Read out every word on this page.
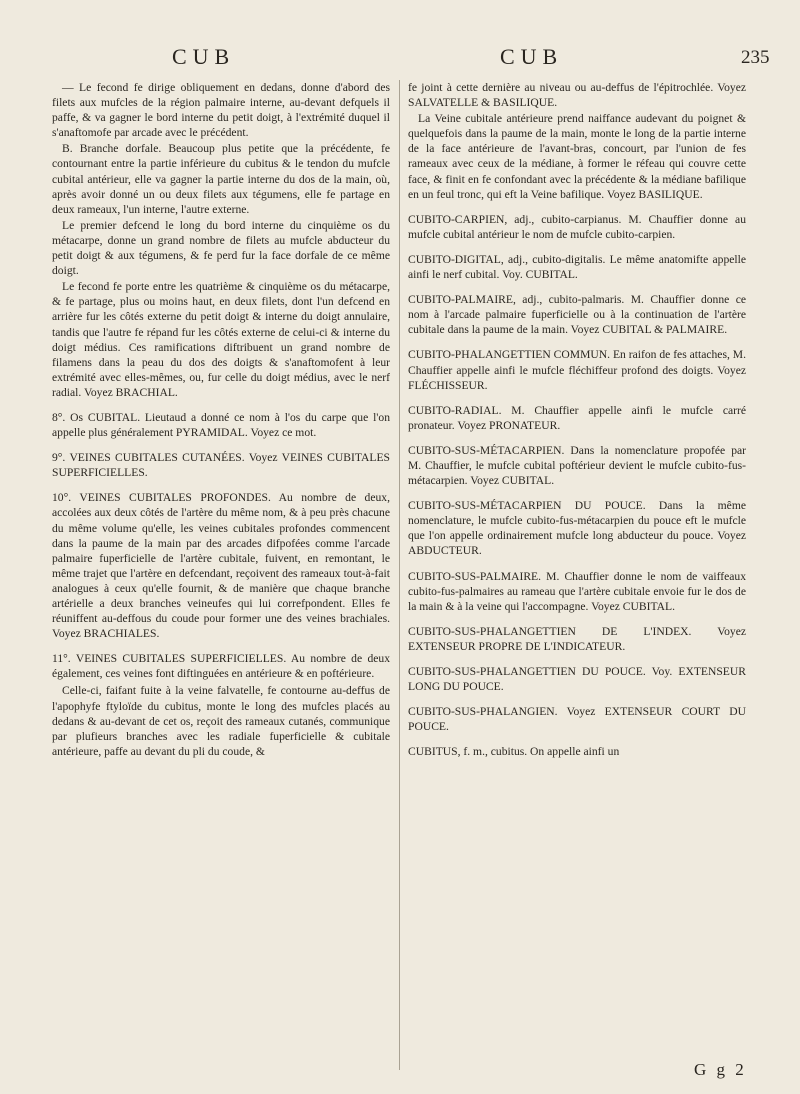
CUB	CUB	235

— Le fecond fe dirige obliquement en dedans, donne d'abord des filets aux mufcles de la région palmaire interne, au-devant defquels il paffe, & va gagner le bord interne du petit doigt, à l'extrémité duquel il s'anaftomofe par arcade avec le précédent.

B. Branche dorfale. Beaucoup plus petite que la précédente, fe contournant entre la partie inférieure du cubitus & le tendon du mufcle cubital antérieur, elle va gagner la partie interne du dos de la main, où, après avoir donné un ou deux filets aux tégumens, elle fe partage en deux rameaux, l'un interne, l'autre externe.

Le premier defcend le long du bord interne du cinquième os du métacarpe, donne un grand nombre de filets au mufcle abducteur du petit doigt & aux tégumens, & fe perd fur la face dorfale de ce même doigt.

Le fecond fe porte entre les quatrième & cinquième os du métacarpe, & fe partage, plus ou moins haut, en deux filets, dont l'un defcend en arrière fur les côtés externe du petit doigt & interne du doigt annulaire, tandis que l'autre fe répand fur les côtés externe de celui-ci & interne du doigt médius. Ces ramifications diftribuent un grand nombre de filamens dans la peau du dos des doigts & s'anaftomofent à leur extrémité avec elles-mêmes, ou, fur celle du doigt médius, avec le nerf radial. Voyez BRACHIAL.

8°. Os CUBITAL. Lieutaud a donné ce nom à l'os du carpe que l'on appelle plus généralement PYRAMIDAL. Voyez ce mot.

9°. VEINES CUBITALES CUTANÉES. Voyez VEINES CUBITALES SUPERFICIELLES.

10°. VEINES CUBITALES PROFONDES. Au nombre de deux, accolées aux deux côtés de l'artère du même nom, & à peu près chacune du même volume qu'elle, les veines cubitales profondes commencent dans la paume de la main par des arcades difpofées comme l'arcade palmaire fuperficielle de l'artère cubitale, fuivent, en remontant, le même trajet que l'artère en defcendant, reçoivent des rameaux tout-à-fait analogues à ceux qu'elle fournit, & de manière que chaque branche artérielle a deux branches veineufes qui lui correfpondent. Elles fe réuniffent au-deffous du coude pour former une des veines brachiales. Voyez BRACHIALES.

11°. VEINES CUBITALES SUPERFICIELLES. Au nombre de deux également, ces veines font diftinguées en antérieure & en poftérieure.

Celle-ci, faifant fuite à la veine falvatelle, fe contourne au-deffus de l'apophyfe ftyloïde du cubitus, monte le long des mufcles placés au dedans & au-devant de cet os, reçoit des rameaux cutanés, communique par plufieurs branches avec les radiale fuperficielle & cubitale antérieure, paffe au devant du pli du coude, &

fe joint à cette dernière au niveau ou au-deffus de l'épitrochlée. Voyez SALVATELLE & BASILIQUE.

La Veine cubitale antérieure prend naiffance audevant du poignet & quelquefois dans la paume de la main, monte le long de la partie interne de la face antérieure de l'avant-bras, concourt, par l'union de fes rameaux avec ceux de la médiane, à former le réfeau qui couvre cette face, & finit en fe confondant avec la précédente & la médiane bafilique en un feul tronc, qui eft la Veine bafilique. Voyez BASILIQUE.

CUBITO-CARPIEN, adj., cubito-carpianus. M. Chauffier donne au mufcle cubital antérieur le nom de mufcle cubito-carpien.

CUBITO-DIGITAL, adj., cubito-digitalis. Le même anatomifte appelle ainfi le nerf cubital. Voy. CUBITAL.

CUBITO-PALMAIRE, adj., cubito-palmaris. M. Chauffier donne ce nom à l'arcade palmaire fuperficielle ou à la continuation de l'artère cubitale dans la paume de la main. Voyez CUBITAL & PALMAIRE.

CUBITO-PHALANGETTIEN COMMUN. En raifon de fes attaches, M. Chauffier appelle ainfi le mufcle fléchiffeur profond des doigts. Voyez FLÉCHISSEUR.

CUBITO-RADIAL. M. Chauffier appelle ainfi le mufcle carré pronateur. Voyez PRONATEUR.

CUBITO-SUS-MÉTACARPIEN. Dans la nomenclature propofée par M. Chauffier, le mufcle cubital poftérieur devient le mufcle cubito-fus-métacarpien. Voyez CUBITAL.

CUBITO-SUS-MÉTACARPIEN DU POUCE. Dans la même nomenclature, le mufcle cubito-fus-métacarpien du pouce eft le mufcle que l'on appelle ordinairement mufcle long abducteur du pouce. Voyez ABDUCTEUR.

CUBITO-SUS-PALMAIRE. M. Chauffier donne le nom de vaiffeaux cubito-fus-palmaires au rameau que l'artère cubitale envoie fur le dos de la main & à la veine qui l'accompagne. Voyez CUBITAL.

CUBITO-SUS-PHALANGETTIEN DE L'INDEX. Voyez EXTENSEUR PROPRE DE L'INDICATEUR.

CUBITO-SUS-PHALANGETTIEN DU POUCE. Voy. EXTENSEUR LONG DU POUCE.

CUBITO-SUS-PHALANGIEN. Voyez EXTENSEUR COURT DU POUCE.

CUBITUS, f. m., cubitus. On appelle ainfi un

G g 2
